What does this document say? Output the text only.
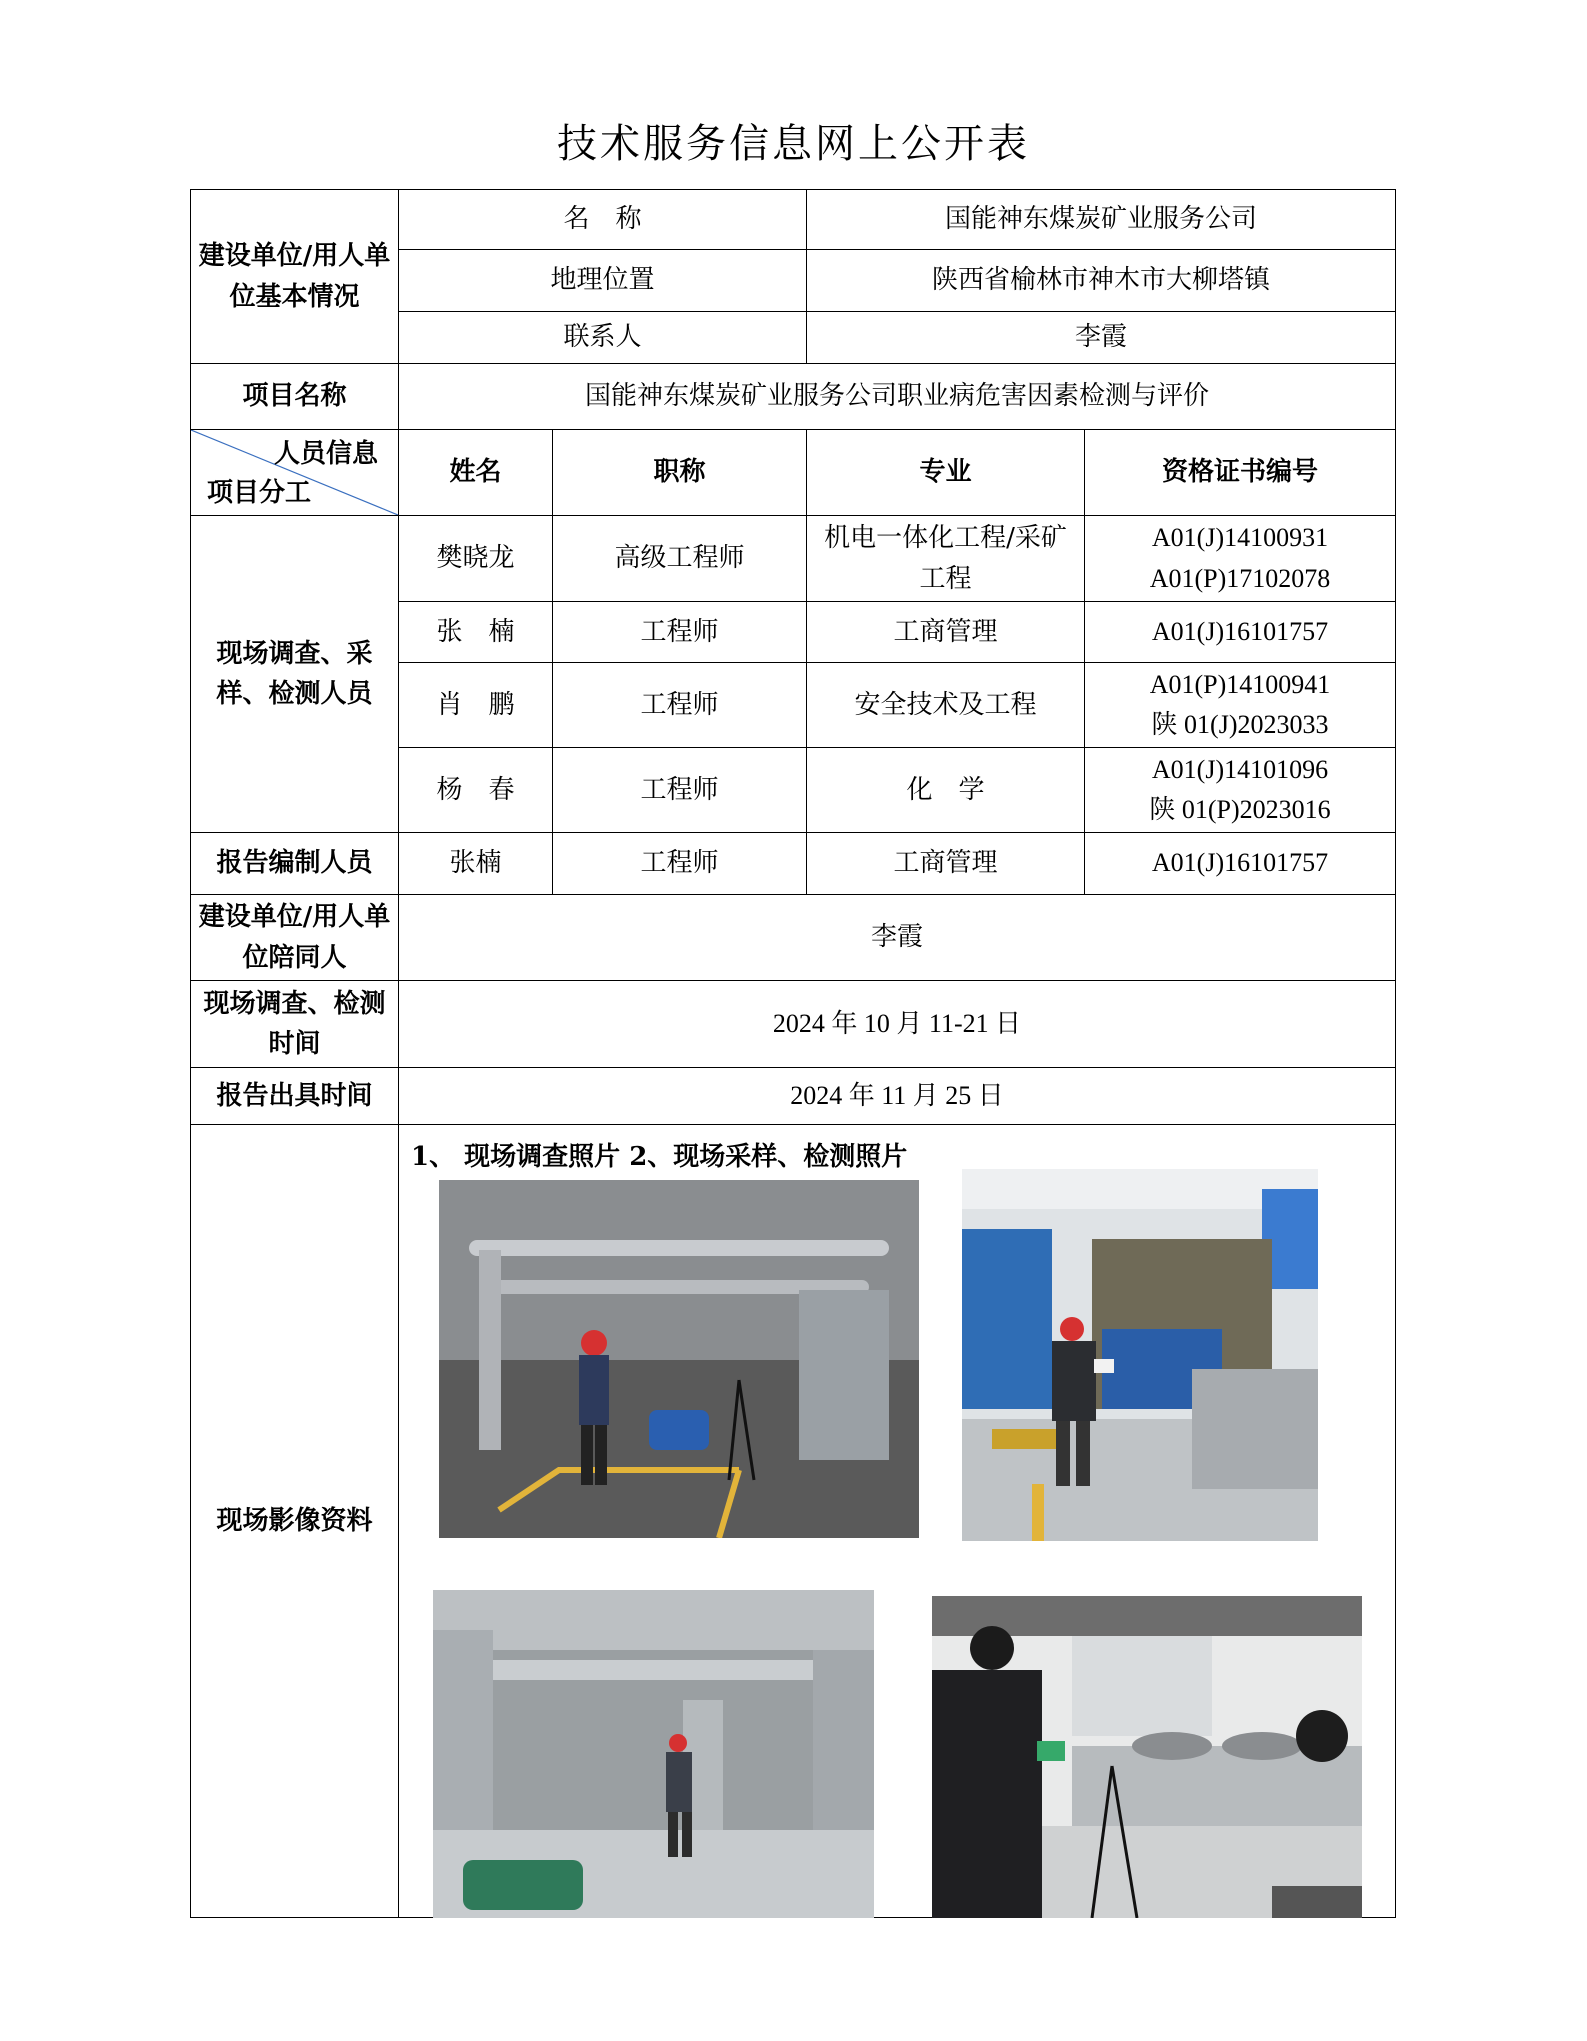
技术服务信息网上公开表
建设单位/用人单位基本情况	名　称		国能神东煤炭矿业服务公司	
	地理位置		陕西省榆林市神木市大柳塔镇	
	联系人		李霞	
项目名称	国能神东煤炭矿业服务公司职业病危害因素检测与评价			

人员信息
项目分工	姓名	职称	专业	资格证书编号
现场调查、采样、检测人员	樊晓龙	高级工程师	机电一体化工程/采矿工程	A01(J)14100931
A01(P)17102078

	张　楠	工程师	工商管理	A01(J)16101757

	肖　鹏	工程师	安全技术及工程	A01(P)14100941
陕 01(J)2023033

	杨　春	工程师	化　学	A01(J)14101096
陕 01(P)2023016

报告编制人员	张楠	工程师	工商管理	A01(J)16101757
建设单位/用人单位陪同人	李霞			
现场调查、检测时间	2024 年 10 月 11-21 日			
报告出具时间	2024 年 11 月 25 日			
现场影像资料	1、 现场调查照片 2、现场采样、检测照片			
